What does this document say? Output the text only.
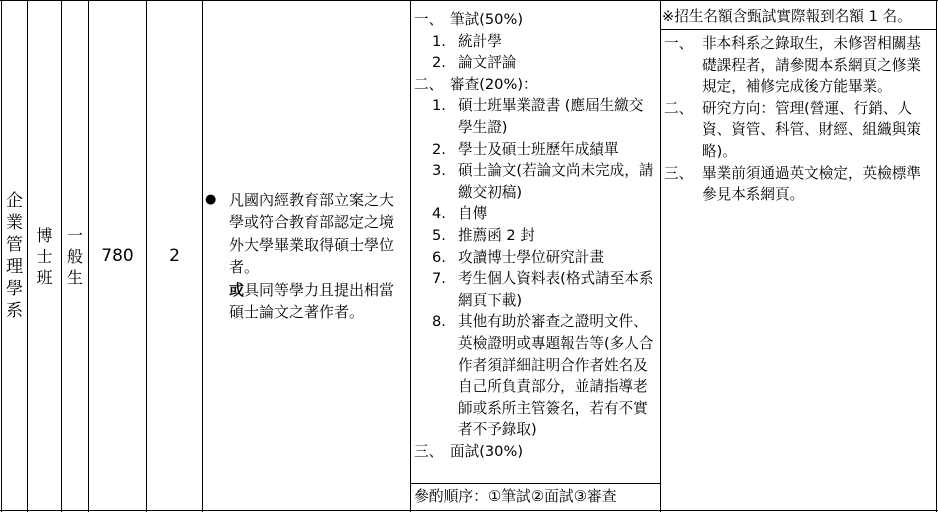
企
業
管
理
學
系
博
士
班
一
般
生
780 2
● 凡國內經教育部立案之大學或符合教育部認定之境外大學畢業取得碩士學位者。
或具同等學力且提出相當碩士論文之著作者。
一、 筆試(50%)
1. 統計學
2. 論文評論
二、 審查(20%)：
1. 碩士班畢業證書 (應屆生繳交學生證)
2. 學士及碩士班歷年成績單
3. 碩士論文(若論文尚未完成，請繳交初稿)
4. 自傳
5. 推薦函 2 封
6. 攻讀博士學位研究計畫
7. 考生個人資料表(格式請至本系網頁下載)
8. 其他有助於審查之證明文件、英檢證明或專題報告等(多人合作者須詳細註明合作者姓名及自己所負責部分，並請指導老師或系所主管簽名，若有不實者不予錄取)
三、 面試(30%)
參酌順序：①筆試②面試③審查
※招生名額含甄試實際報到名額 1 名。
一、 非本科系之錄取生，未修習相關基礎課程者，請參閱本系網頁之修業規定，補修完成後方能畢業。
二、 研究方向：管理(營運、行銷、人資、資管、科管、財經、組織與策略)。
三、 畢業前須通過英文檢定，英檢標準參見本系網頁。
